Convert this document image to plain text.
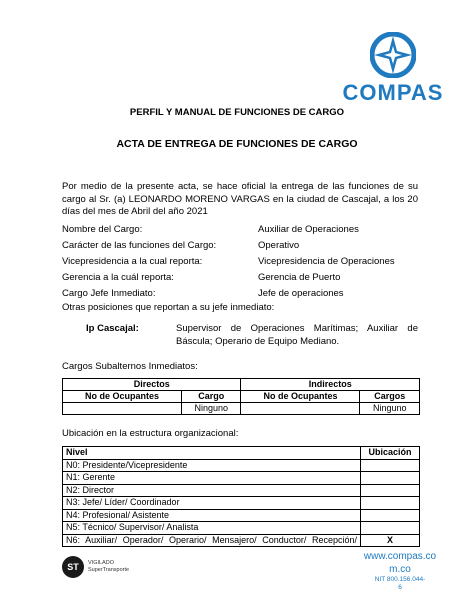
COMPAS
PERFIL Y MANUAL DE FUNCIONES DE CARGO
ACTA DE ENTREGA DE FUNCIONES DE CARGO
Por medio de la presente acta, se hace oficial la entrega de las funciones de su cargo al Sr. (a) LEONARDO MORENO VARGAS en la ciudad de Cascajal, a los 20 días del mes de Abril del año 2021
Nombre del Cargo:	Auxiliar de Operaciones
Carácter de las funciones del Cargo:	Operativo
Vicepresidencia a la cual reporta:	Vicepresidencia de Operaciones
Gerencia a la cuál reporta:	Gerencia de Puerto
Cargo Jefe Inmediato:	Jefe de operaciones
Otras posiciones que reportan a su jefe inmediato:
Ip Cascajal:	Supervisor de Operaciones Marítimas; Auxiliar de Báscula; Operario de Equipo Mediano.
Cargos Subalternos Inmediatos:
Directos		Indirectos	
No de Ocupantes	Cargo	No de Ocupantes	Cargos
	Ninguno		Ninguno
Ubicación en la estructura organizacional:
Nivel	Ubicación
N0: Presidente/Vicepresidente	
N1: Gerente	
N2: Director	
N3: Jefe/ Líder/ Coordinador	
N4: Profesional/ Asistente	
N5: Técnico/ Supervisor/ Analista	
N6: Auxiliar/ Operador/ Operario/ Mensajero/ Conductor/ Recepción/	X
ST	VIGILADO
SuperTransporte
www.compas.co
m.co
NIT 800.156.044-
6
